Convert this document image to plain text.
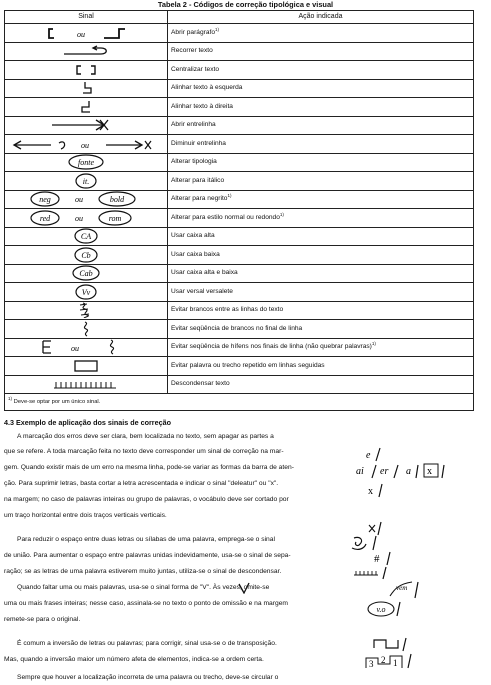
Tabela 2 - Códigos de correção tipológica e visual
Sinal	Ação indicada

ou	Abrir parágrafo$^{1)}$

	Recorrer texto

	Centralizar texto

	Alinhar texto à esquerda

	Alinhar texto à direita

	Abrir entrelinha

ou	Diminuir entrelinha

fonte	Alterar tipologia

it.	Alterar para itálico

neg ou bold	Alterar para negrito$^{1)}$

red ou rom	Alterar para estilo normal ou redondo$^{1)}$

CA	Usar caixa alta

Cb	Usar caixa baixa

Cab	Usar caixa alta e baixa

Vv	Usar versal versalete

	Evitar brancos entre as linhas do texto

	Evitar seqüência de brancos no final de linha

ou	Evitar seqüência de hífens nos finais de linha (não quebrar palavras)$^{1)}$

	Evitar palavra ou trecho repetido em linhas seguidas

	Descondensar texto
$^{1)}$ Deve-se optar por um único sinal.	
4.3 Exemplo de aplicação dos sinais de correção
A marcação dos erros deve ser clara, bem localizada no texto, sem apagar as partes a
que se refere. A toda marcação feita no texto deve corresponder um sinal de correção na mar-
gem. Quando existir mais de um erro na mesma linha, pode-se variar as formas da barra de aten-
ção. Para suprimir letras, basta cortar a letra acrescentada e indicar o sinal "deleatur" ou "x".
na margem; no caso de palavras inteiras ou grupo de palavras, o vocábulo deve ser cortado por
um traço horizontal entre dois traços verticais verticais.
Para reduzir o espaço entre duas letras ou sílabas de uma palavra, emprega-se o sinal
de união. Para aumentar o espaço entre palavras unidas indevidamente, usa-se o sinal de sepa-
ração; se as letras de uma palavra estiverem muito juntas, utiliza-se o sinal de descondensar.
Quando faltar uma ou mais palavras, usa-se o sinal forma de "V". Às vezes, omite-se
uma ou mais frases inteiras; nesse caso, assinala-se no texto o ponto de omissão e na margem
remete-se para o original.
É comum a inversão de letras ou palavras; para corrigir, sinal usa-se o de transposição.
Mas, quando a inversão maior um número afeta de elementos, indica-se a ordem certa.
Sempre que houver a localização incorreta de uma palavra ou trecho, deve-se circular o
e
ai er a x
x
#
vem
v.o
3 2 1
